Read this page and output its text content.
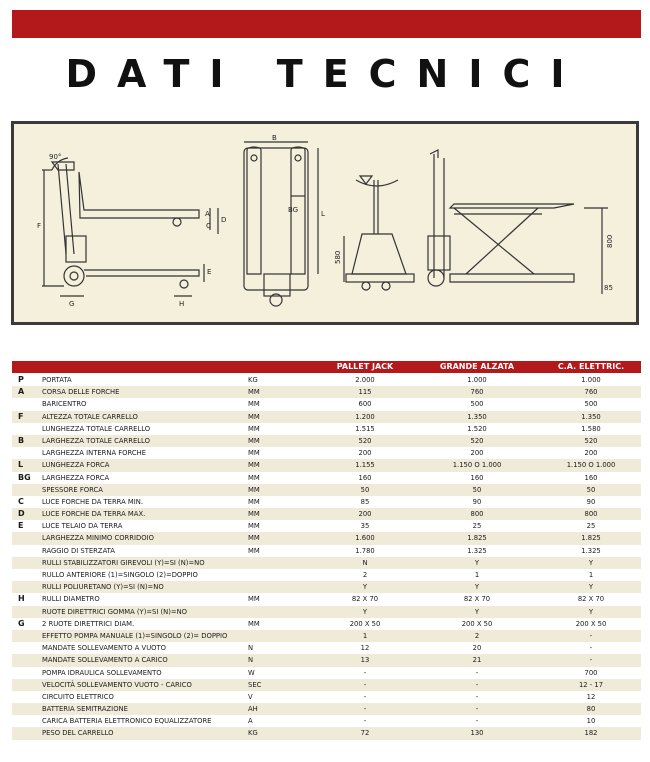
DATI TECNICI
90°
F
A
D
C
E
G	H
B
BG	L
580
800
85
PALLET JACK	GRANDE ALZATA	C.A. ELETTRIC.
P	PORTATA	KG	2.000	1.000	1.000
A	CORSA DELLE FORCHE	MM	115	760	760
BARICENTRO	MM	600	500	500
F	ALTEZZA TOTALE CARRELLO	MM	1.200	1.350	1.350
LUNGHEZZA TOTALE CARRELLO	MM	1.515	1.520	1.580
B	LARGHEZZA TOTALE CARRELLO	MM	520	520	520
LARGHEZZA INTERNA FORCHE	MM	200	200	200
L	LUNGHEZZA FORCA	MM	1.155	1.150 O 1.000	1.150 O 1.000
BG LARGHEZZA FORCA	MM	160	160	160
SPESSORE FORCA	MM	50	50	50
C	LUCE FORCHE DA TERRA MIN.	MM	85	90	90
D	LUCE FORCHE DA TERRA MAX.	MM	200	800	800
E	LUCE TELAIO DA TERRA	MM	35	25	25
LARGHEZZA MINIMO CORRIDOIO	MM	1.600	1.825	1.825
RAGGIO DI STERZATA	MM	1.780	1.325	1.325
RULLI STABILIZZATORI GIREVOLI (Y)=SI (N)=NO	N	Y	Y
RULLO ANTERIORE (1)=SINGOLO (2)=DOPPIO	2	1	1
RULLI POLIURETANO (Y)=SI (N)=NO	Y	Y	Y
H	RULLI DIAMETRO	MM	82 X 70	82 X 70	82 X 70
RUOTE DIRETTRICI GOMMA (Y)=SI (N)=NO	Y	Y	Y
G	2 RUOTE DIRETTRICI DIAM.	MM	200 X 50	200 X 50	200 X 50
EFFETTO POMPA MANUALE (1)=SINGOLO (2)= DOPPIO	1	2	-
MANDATE SOLLEVAMENTO A VUOTO	N	12	20	-
MANDATE SOLLEVAMENTO A CARICO	N	13	21	-
POMPA IDRAULICA SOLLEVAMENTO	W	-	-	700
VELOCITÀ SOLLEVAMENTO VUOTO - CARICO	SEC	-	-	12 - 17
CIRCUITO ELETTRICO	V	-	-	12
BATTERIA SEMITRAZIONE	AH	-	-	80
CARICA BATTERIA ELETTRONICO EQUALIZZATORE	A	-	-	10
PESO DEL CARRELLO	KG	72	130	182
